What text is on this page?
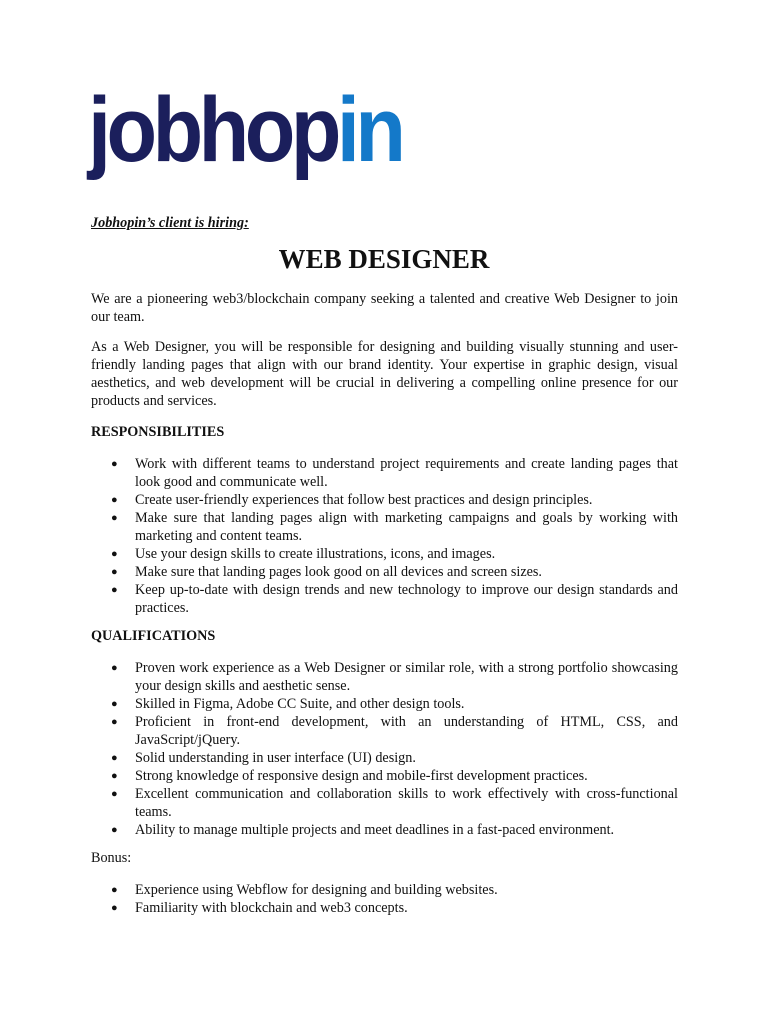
jobhopin
Jobhopin’s client is hiring:
WEB DESIGNER

We are a pioneering web3/blockchain company seeking a talented and creative Web Designer to join our team.

As a Web Designer, you will be responsible for designing and building visually stunning and user-friendly landing pages that align with our brand identity. Your expertise in graphic design, visual aesthetics, and web development will be crucial in delivering a compelling online presence for our products and services.

RESPONSIBILITIES

● Work with different teams to understand project requirements and create landing pages that look good and communicate well.
● Create user-friendly experiences that follow best practices and design principles.
● Make sure that landing pages align with marketing campaigns and goals by working with marketing and content teams.
● Use your design skills to create illustrations, icons, and images.
● Make sure that landing pages look good on all devices and screen sizes.
● Keep up-to-date with design trends and new technology to improve our design standards and practices.

QUALIFICATIONS

● Proven work experience as a Web Designer or similar role, with a strong portfolio showcasing your design skills and aesthetic sense.
● Skilled in Figma, Adobe CC Suite, and other design tools.
● Proficient in front-end development, with an understanding of HTML, CSS, and JavaScript/jQuery.
● Solid understanding in user interface (UI) design.
● Strong knowledge of responsive design and mobile-first development practices.
● Excellent communication and collaboration skills to work effectively with cross-functional teams.
● Ability to manage multiple projects and meet deadlines in a fast-paced environment.

Bonus:

● Experience using Webflow for designing and building websites.
● Familiarity with blockchain and web3 concepts.
